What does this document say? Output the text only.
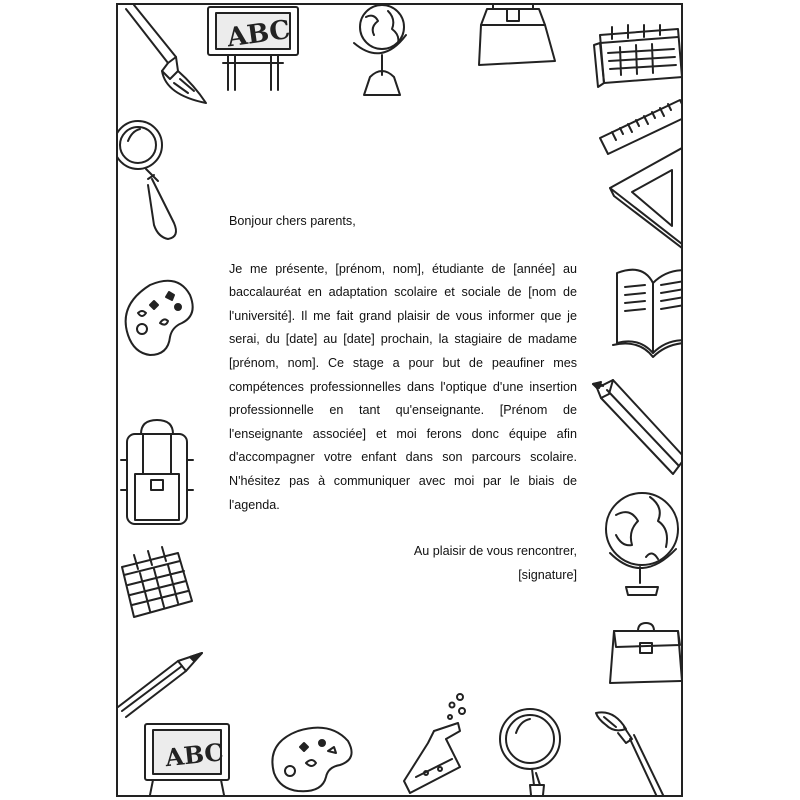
ABC
ABC

Bonjour chers parents,

Je me présente, [prénom, nom], étudiante de [année] au baccalauréat en adaptation scolaire et sociale de [nom de l'université]. Il me fait grand plaisir de vous informer que je serai, du [date] au [date] prochain, la stagiaire de madame [prénom, nom]. Ce stage a pour but de peaufiner mes compétences professionnelles dans l'optique d'une insertion professionnelle en tant qu'enseignante. [Prénom de l'enseignante associée] et moi ferons donc équipe afin d'accompagner votre enfant dans son parcours scolaire. N'hésitez pas à communiquer avec moi par le biais de l'agenda.

Au plaisir de vous rencontrer,

[signature]
